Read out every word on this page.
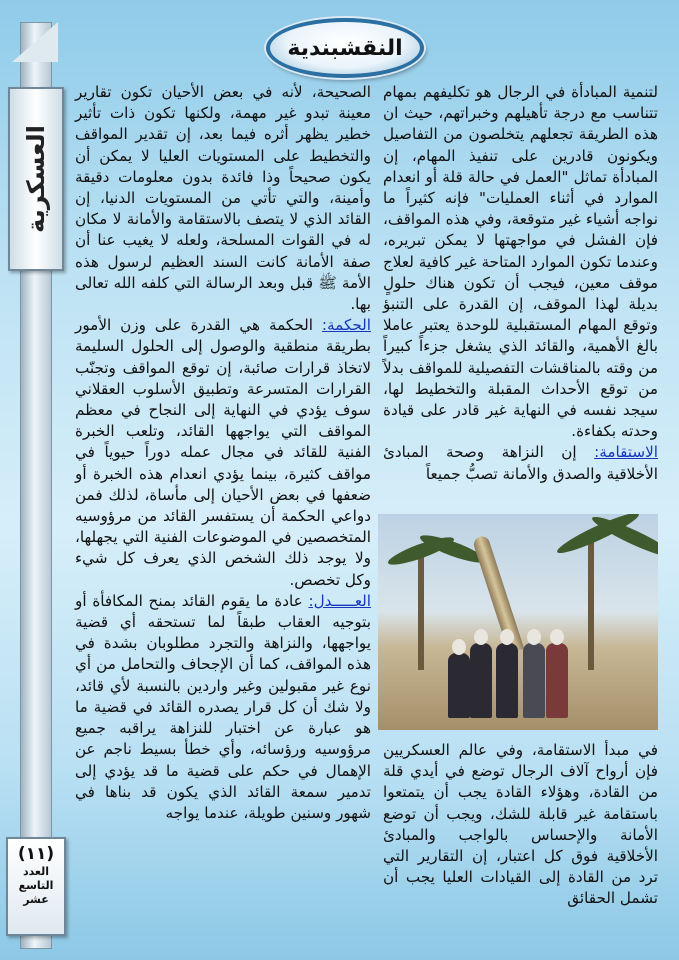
العسكرية
(١١)
العدد
التاسع
عشر
النقشبندية

لتنمية المبادأة في الرجال هو تكليفهم بمهام تتناسب مع درجة تأهيلهم وخبراتهم، حيث ان هذه الطريقة تجعلهم يتخلصون من التفاصيل ويكونون قادرين على تنفيذ المهام، إن المبادأة تماثل "العمل في حالة قلة أو انعدام الموارد في أثناء العمليات" فإنه كثيراً ما نواجه أشياء غير متوقعة، وفي هذه المواقف، فإن الفشل في مواجهتها لا يمكن تبريره، وعندما تكون الموارد المتاحة غير كافية لعلاج موقف معين، فيجب أن تكون هناك حلولٍ بديلة لهذا الموقف، إن القدرة على التنبؤ وتوقع المهام المستقبلية للوحدة يعتبر عاملا بالغ الأهمية، والقائد الذي يشغل جزءاً كبيراً من وقته بالمناقشات التفصيلية للمواقف بدلاً من توقع الأحداث المقبلة والتخطيط لها، سيجد نفسه في النهاية غير قادر على قيادة وحدته بكفاءة.

الاستقامة: إن النزاهة وصحة المبادئ الأخلاقية والصدق والأمانة تصبُّ جميعاً

في مبدأ الاستقامة، وفي عالم العسكريين فإن أرواح آلاف الرجال توضع في أيدي قلة من القادة، وهؤلاء القادة يجب أن يتمتعوا باستقامة غير قابلة للشك، ويجب أن توضع الأمانة والإحساس بالواجب والمبادئ الأخلاقية فوق كل اعتبار، إن التقارير التي ترد من القادة إلى القيادات العليا يجب أن تشمل الحقائق

الصحيحة، لأنه في بعض الأحيان تكون تقارير معينة تبدو غير مهمة، ولكنها تكون ذات تأثير خطير يظهر أثره فيما بعد، إن تقدير المواقف والتخطيط على المستويات العليا لا يمكن أن يكون صحيحاً وذا فائدة بدون معلومات دقيقة وأمينة، والتي تأتي من المستويات الدنيا، إن القائد الذي لا يتصف بالاستقامة والأمانة لا مكان له في القوات المسلحة، ولعله لا يغيب عنا أن صفة الأمانة كانت السند العظيم لرسول هذه الأمة ﷺ قبل وبعد الرسالة التي كلفه الله تعالى بها.

الحكمة: الحكمة هي القدرة على وزن الأمور بطريقة منطقية والوصول إلى الحلول السليمة لاتخاذ قرارات صائبة، إن توقع المواقف وتجنّب القرارات المتسرعة وتطبيق الأسلوب العقلاني سوف يؤدي في النهاية إلى النجاح في معظم المواقف التي يواجهها القائد، وتلعب الخبرة الفنية للقائد في مجال عمله دوراً حيوياً في مواقف كثيرة، بينما يؤدي انعدام هذه الخبرة أو ضعفها في بعض الأحيان إلى مأساة، لذلك فمن دواعي الحكمة أن يستفسر القائد من مرؤوسيه المتخصصين في الموضوعات الفنية التي يجهلها، ولا يوجد ذلك الشخص الذي يعرف كل شيء وكل تخصص.

العـــــدل: عادة ما يقوم القائد بمنح المكافأة أو بتوجيه العقاب طبقاً لما تستحقه أي قضية يواجهها، والنزاهة والتجرد مطلوبان بشدة في هذه المواقف، كما أن الإجحاف والتحامل من أي نوع غير مقبولين وغير واردين بالنسبة لأي قائد، ولا شك أن كل قرار يصدره القائد في قضية ما هو عبارة عن اختبار للنزاهة يراقبه جميع مرؤوسيه ورؤسائه، وأي خطأ بسيط ناجم عن الإهمال في حكم على قضية ما قد يؤدي إلى تدمير سمعة القائد الذي يكون قد بناها في شهور وسنين طويلة، عندما يواجه
